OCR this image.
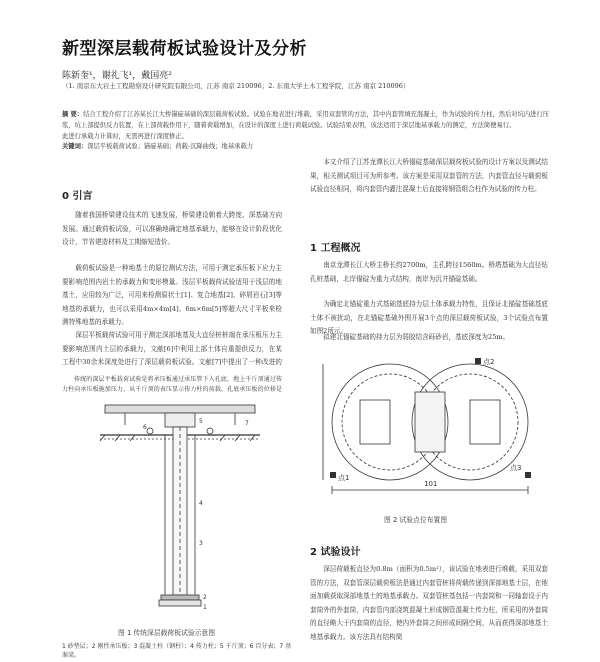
新型深层载荷板试验设计及分析
陈新奎¹，谢礼飞¹，戴国亮²
（1. 南京东大岩土工程勘察设计研究院有限公司，江苏 南京 210096；2. 东南大学土木工程学院，江苏 南京 210096）
摘 要：结合工程介绍了江苏某长江大桥锚碇基础的深层载荷板试验。试验在地表进行堆载，采用双套管的方法，其中内套管填充混凝土，作为试验的传力柱，然后对坑内进行压浆，坑上部提供反力装置，在上部荷载作用下，随着荷载增加，在设计的深度上进行荷载试验。试验结果表明，该法适用于深层地基承载力的测定，方法简便易行。
此进行承载力计算时，无需再进行深度修正。
关键词：深层平板载荷试验；锚碇基础；荷载-沉降曲线；地基承载力
0 引言
随着我国桥梁建设技术的飞速发展，桥梁建设朝着大跨度、深基础方向发展。通过载荷板试验，可以准确地确定地基承载力，能够在设计阶段优化设计，节省建造材料及工期缩短造价。
载荷板试验是一种地基土的原位测试方法，可用于测定承压板下应力主要影响范围内岩土的承载力和变形模量。浅层平板载荷试验适用于浅层的地基土，应用较为广泛，可用来检测原状土[1]、复合地基[2]、碎屑岩石[3]等地基的承载力，也可以采用4m×4m[4]、6m×6m[5]等超大尺寸平板来检测特殊地基的承载力。
深层平板载荷试验可用于测定深部地基及大直径桩桩端在承压板压力主要影响范围内土层的承载力，文献[6]中利用上部土体自重提供反力，在某工程中30余米深度处进行了深层载荷板试验。文献[7]中提出了一种改进的
传统的深层平板载荷试验是将承压板通过承压管下入孔底，地上千斤顶通过传力柱向承压板施加压力，从千斤顶的表压显示传力柱的荷载，孔底承压板的位移是
7
6
5
4
3
2
1
图 1 传统深层载荷板试验示意图
1 砂垫层；2 刚性承压板；3 混凝土柱（钢柱）；4 传力柱；5 千斤顶；6 百分表；7 基准梁。
本文介绍了江苏龙潭长江大桥锚碇基础深层载荷板试验的设计方案以及测试结果，相关测试项目可为所参考。该方案是采用双套管的方法，内套管直径与载荷板试验直径相同，将内套管内灌注混凝土后直接将钢管组合柱作为试验的传力柱。
1 工程概况
南京龙潭长江大桥主桥长约2700m，主孔跨径1560m。桥塔基础为大直径钻孔桩基础，北岸锚碇为重力式结构，南岸为沉井锚碇基础。
为确定北锚碇重力式基础基底持力层土体承载力特性，且保证北锚碇基础基底土体不被扰动，在北锚碇基础外围开展3个点的深层载荷板试验，3个试验点布置如图2所示。
拟建北锚碇基础的持力层为弱胶结含砾砂岩，基底深度为25m。
点1
点2
点3
101
图 2 试验点位布置图
2 试验设计
深层荷载板直径为0.8m（面积为0.5m²），该试验在地表进行堆载，采用双套管的方法，双套管深层载荷板法是通过内套管桩将荷载传递到深部地基土层，在地面加载获取深部地基土的地基承载力。双套管桩基包括一内套筒和一同轴套设于内套筒外的外套筒，内套管内部浇筑混凝土形成钢管混凝土传力柱，所采用的外套筒的直径略大于内套筒的直径，使内外套筒之间形成间隔空间，从而获得深部地基土地基承载力。该方法具有结构简
